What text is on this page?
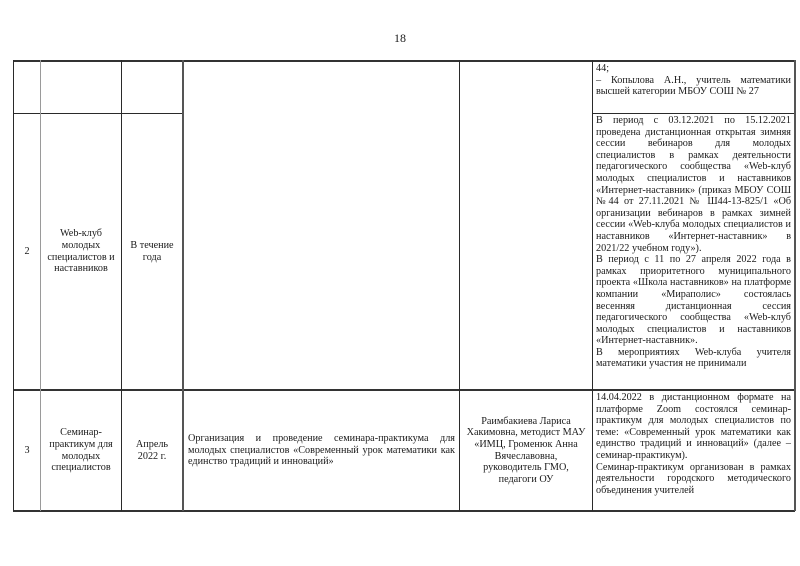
18

44;

– Копылова А.Н., учитель математики высшей категории МБОУ СОШ № 27

2
Web-клуб молодых специалистов и наставников
В течение года

В период с 03.12.2021 по 15.12.2021 проведена дистанционная открытая зимняя сессии вебинаров для молодых специалистов в рамках деятельности педагогического сообщества «Web-клуб молодых специалистов и наставников «Интернет-наставник» (приказ МБОУ СОШ №44 от 27.11.2021 № Ш44-13-825/1 «Об организации вебинаров в рамках зимней сессии «Web-клуба молодых специалистов и наставников «Интернет-наставник» в 2021/22 учебном году»).

В период с 11 по 27 апреля 2022 года в рамках приоритетного муниципального проекта «Школа наставников» на платформе компании «Мираполис» состоялась весенняя дистанционная сессия педагогического сообщества «Web-клуб молодых специалистов и наставников «Интернет-наставник».

В мероприятиях Web-клуба учителя математики участия не принимали

3
Семинар-практикум для молодых специалистов
Апрель 2022 г.
Организация и проведение семинара-практикума для молодых специалистов «Современный урок математики как единство традиций и инноваций»
Раимбакиева Лариса Хакимовна, методист МАУ «ИМЦ, Громенюк Анна Вячеславовна, руководитель ГМО, педагоги ОУ

14.04.2022 в дистанционном формате на платформе Zoom состоялся семинар-практикум для молодых специалистов по теме: «Современный урок математики как единство традиций и инноваций» (далее – семинар-практикум).

Семинар-практикум организован в рамках деятельности городского методического объединения учителей
